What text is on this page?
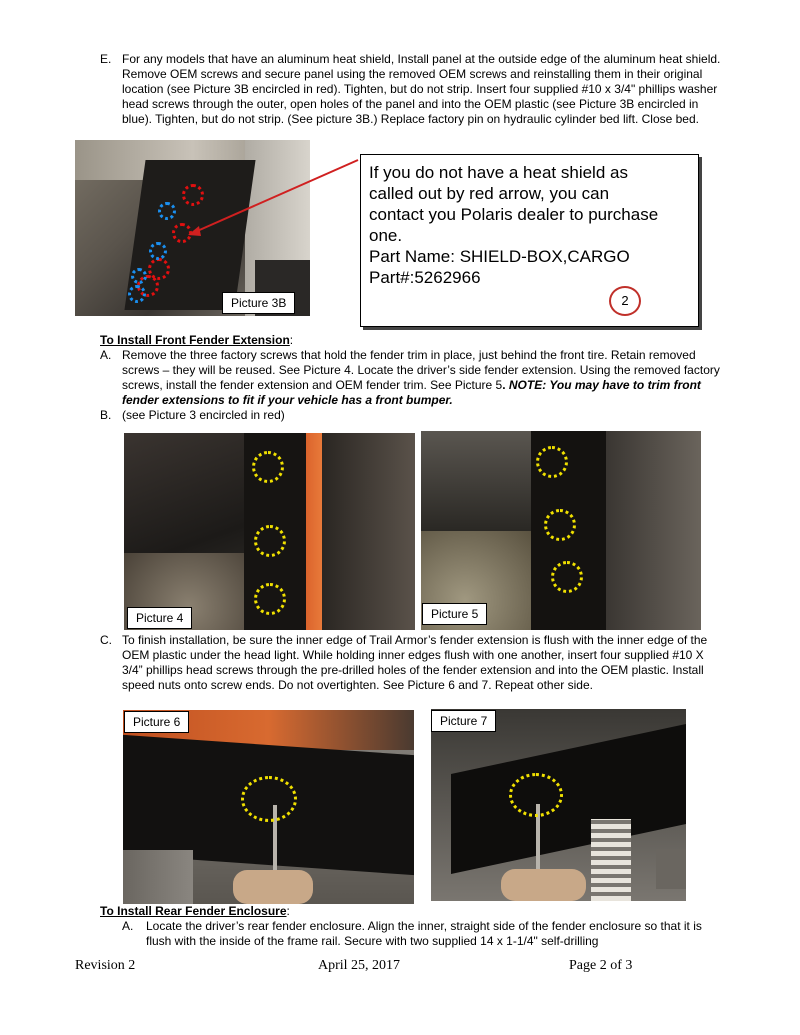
E. For any models that have an aluminum heat shield, Install panel at the outside edge of the aluminum heat shield. Remove OEM screws and secure panel using the removed OEM screws and reinstalling them in their original location (see Picture 3B encircled in red). Tighten, but do not strip. Insert four supplied #10 x 3/4" phillips washer head screws through the outer, open holes of the panel and into the OEM plastic (see Picture 3B encircled in blue). Tighten, but do not strip. (See picture 3B.) Replace factory pin on hydraulic cylinder bed lift. Close bed.
Picture 3B
If you do not have a heat shield as
called out by red arrow, you can
contact you Polaris dealer to purchase
one.
Part Name: SHIELD-BOX,CARGO
Part#:5262966
2
To Install Front Fender Extension:
A. Remove the three factory screws that hold the fender trim in place, just behind the front tire. Retain removed screws – they will be reused. See Picture 4. Locate the driver’s side fender extension. Using the removed factory screws, install the fender extension and OEM fender trim. See Picture 5. NOTE: You may have to trim front fender extensions to fit if your vehicle has a front bumper.
B. (see Picture 3 encircled in red)
Picture 4	Picture 5
C. To finish installation, be sure the inner edge of Trail Armor’s fender extension is flush with the inner edge of the OEM plastic under the head light. While holding inner edges flush with one another, insert four supplied #10 X 3/4” phillips head screws through the pre-drilled holes of the fender extension and into the OEM plastic. Install speed nuts onto screw ends. Do not overtighten. See Picture 6 and 7. Repeat other side.
Picture 6	Picture 7
To Install Rear Fender Enclosure:
A. Locate the driver’s rear fender enclosure. Align the inner, straight side of the fender enclosure so that it is flush with the inside of the frame rail. Secure with two supplied 14 x 1-1/4" self-drilling
Revision 2	April 25, 2017	Page 2 of 3
